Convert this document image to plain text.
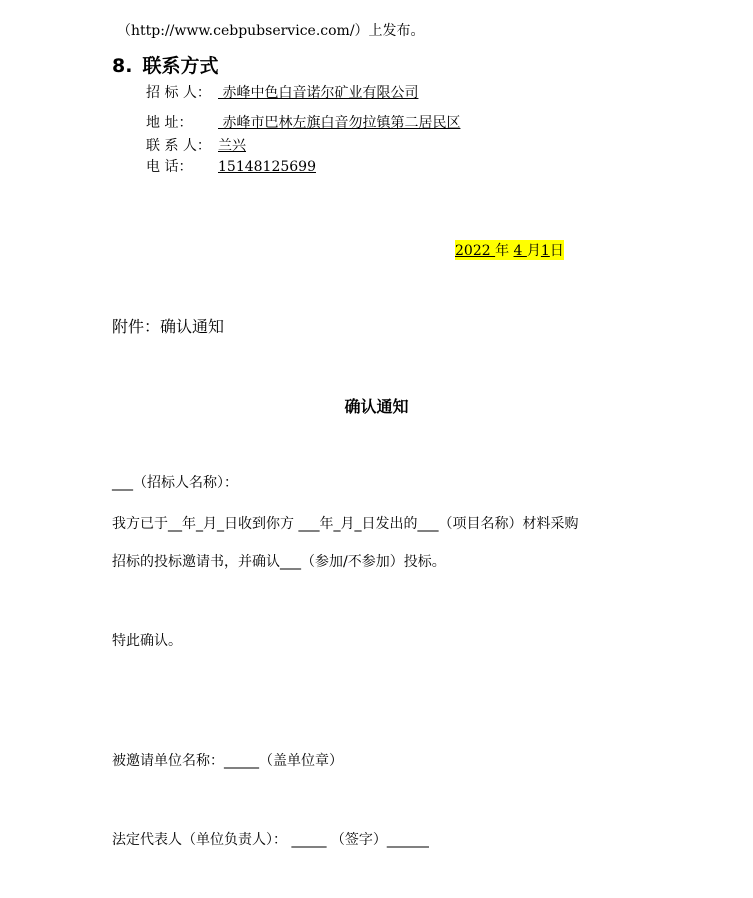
（http://www.cebpubservice.com/）上发布。
8. 联系方式
招 标 人： 赤峰中色白音诺尔矿业有限公司
地 址： 赤峰市巴林左旗白音勿拉镇第二居民区
联 系 人： 兰兴
电 话： 15148125699
2022 年 4 月1日
附件：确认通知
确认通知
___（招标人名称）：
我方已于__年_月_日收到你方 ___年_月_日发出的___（项目名称）材料采购
招标的投标邀请书，并确认___（参加/不参加）投标。
特此确认。
被邀请单位名称：_____（盖单位章）
法定代表人（单位负责人）： _____ （签字）______
